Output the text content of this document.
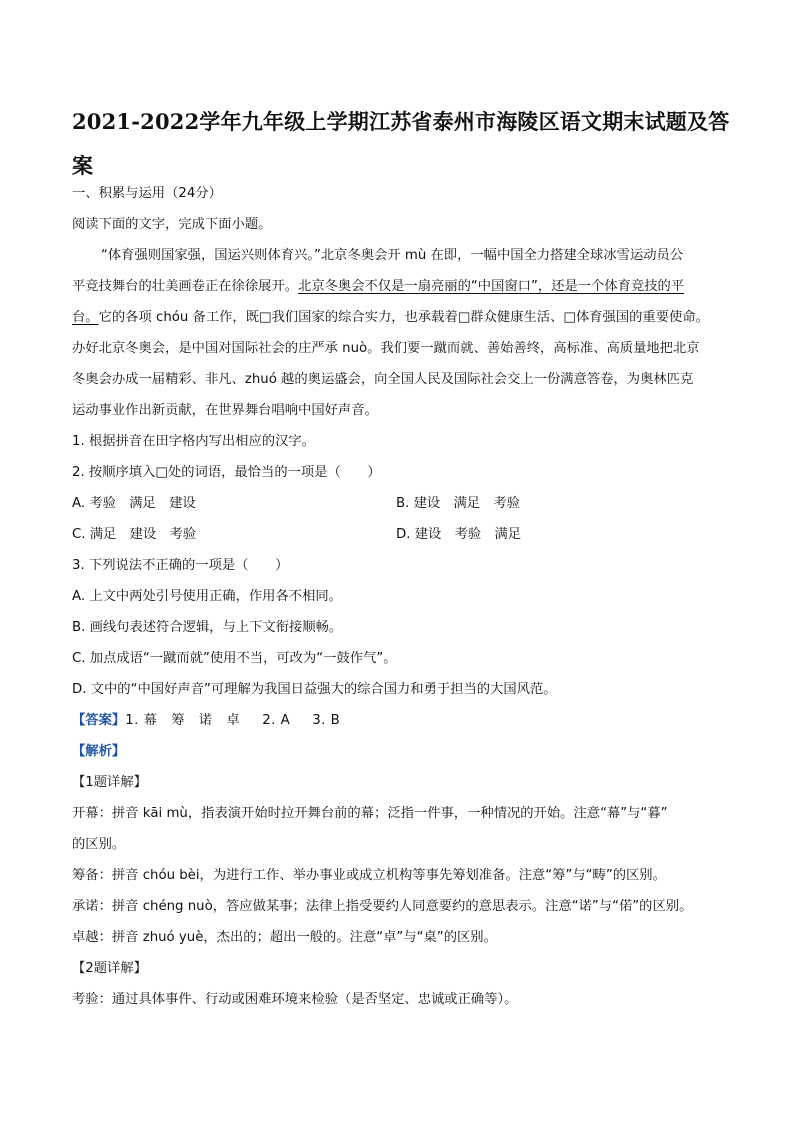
2021-2022学年九年级上学期江苏省泰州市海陵区语文期末试题及答案
一、积累与运用（24分）
阅读下面的文字，完成下面小题。
“体育强则国家强，国运兴则体育兴。”北京冬奥会开 mù 在即，一幅中国全力搭建全球冰雪运动员公
平竞技舞台的壮美画卷正在徐徐展开。北京冬奥会不仅是一扇亮丽的“中国窗口”，还是一个体育竞技的平
台。它的各项 chóu 备工作，既□我们国家的综合实力，也承载着□群众健康生活、□体育强国的重要使命。
办好北京冬奥会，是中国对国际社会的庄严承 nuò。我们要一蹴而就、善始善终，高标准、高质量地把北京
冬奥会办成一届精彩、非凡、zhuó 越的奥运盛会，向全国人民及国际社会交上一份满意答卷，为奥林匹克
运动事业作出新贡献，在世界舞台唱响中国好声音。
1. 根据拼音在田字格内写出相应的汉字。
2. 按顺序填入□处的词语，最恰当的一项是（　　）
A. 考验　满足　建设	B. 建设　满足　考验
C. 满足　建设　考验	D. 建设　考验　满足
3. 下列说法不正确的一项是（　　）
A. 上文中两处引号使用正确，作用各不相同。
B. 画线句表述符合逻辑，与上下文衔接顺畅。
C. 加点成语“一蹴而就”使用不当，可改为“一鼓作气”。
D. 文中的“中国好声音”可理解为我国日益强大的综合国力和勇于担当的大国风范。
【答案】1. 幕　筹　诺　卓 2. A 3. B
【解析】
【1题详解】
开幕：拼音 kāi mù，指表演开始时拉开舞台前的幕；泛指一件事，一种情况的开始。注意“幕”与“暮”
的区别。
筹备：拼音 chóu bèi，为进行工作、举办事业或成立机构等事先筹划准备。注意“筹”与“畴”的区别。
承诺：拼音 chéng nuò，答应做某事；法律上指受要约人同意要约的意思表示。注意“诺”与“偌”的区别。
卓越：拼音 zhuó yuè，杰出的；超出一般的。注意“卓”与“桌”的区别。
【2题详解】
考验：通过具体事件、行动或困难环境来检验（是否坚定、忠诚或正确等）。
